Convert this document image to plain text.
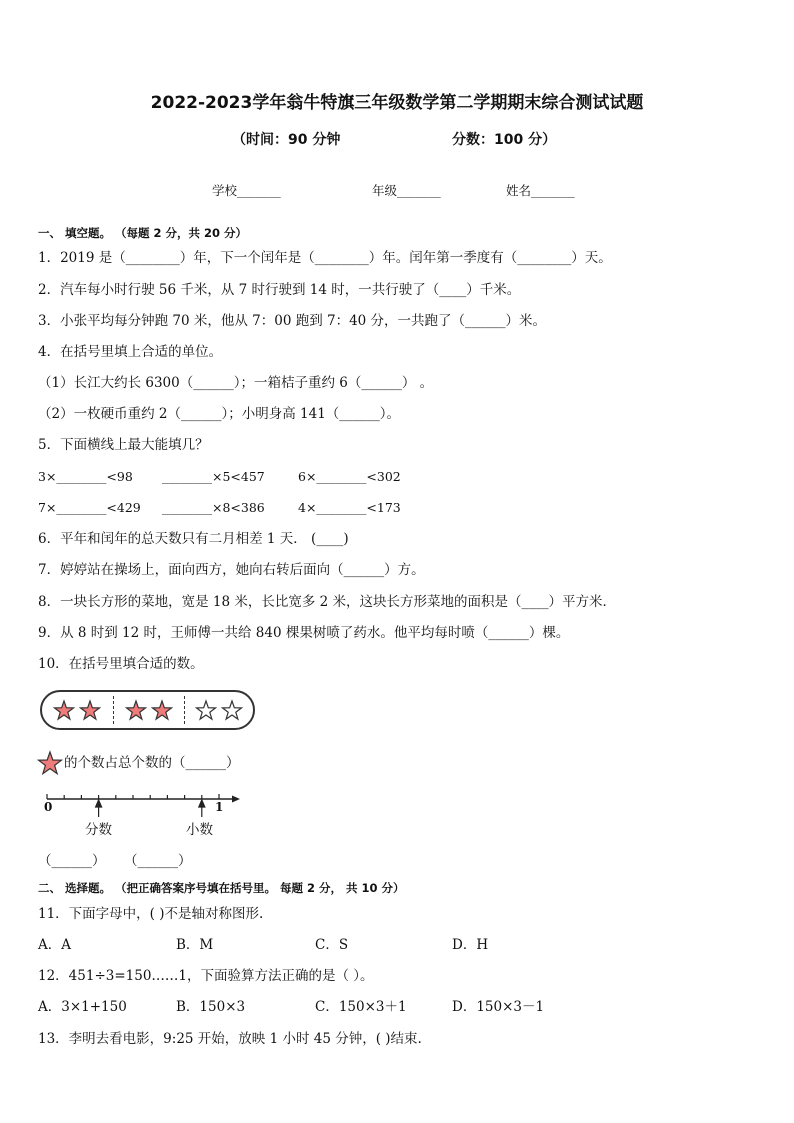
2022-2023学年翁牛特旗三年级数学第二学期期末综合测试试题
（时间：90 分钟	分数：100 分）
学校_______	年级_______	姓名_______
一、 填空题。 （每题 2 分，共 20 分）
1．2019 是（________）年，下一个闰年是（________）年。闰年第一季度有（________）天。
2．汽车每小时行驶 56 千米，从 7 时行驶到 14 时，一共行驶了（____）千米。
3．小张平均每分钟跑 70 米，他从 7：00 跑到 7：40 分，一共跑了（______）米。
4．在括号里填上合适的单位。
（1）长江大约长 6300（______）；一箱桔子重约 6（______） 。
（2）一枚硬币重约 2（______）；小明身高 141（______）。
5．下面横线上最大能填几？
3×________<98 ________×5<457	6×________<302
7×________<429 ________×8<386	4×________<173
6．平年和闰年的总天数只有二月相差 1 天． (____)
7．婷婷站在操场上，面向西方，她向右转后面向（______）方。
8．一块长方形的菜地，宽是 18 米，长比宽多 2 米，这块长方形菜地的面积是（____）平方米．
9．从 8 时到 12 时，王师傅一共给 840 棵果树喷了药水。他平均每时喷（______）棵。
10．在括号里填合适的数。
的个数占总个数的（______）
0	1
分数	小数
（______） （______）
二、 选择题。 （把正确答案序号填在括号里。 每题 2 分， 共 10 分）
11．下面字母中，( )不是轴对称图形.
A．A	B．M	C．S	D．H
12．451÷3=150……1，下面验算方法正确的是（ ）。
A．3×1+150	B．150×3	C．150×3＋1	D．150×3－1
13．李明去看电影，9:25 开始，放映 1 小时 45 分钟，( )结束.
